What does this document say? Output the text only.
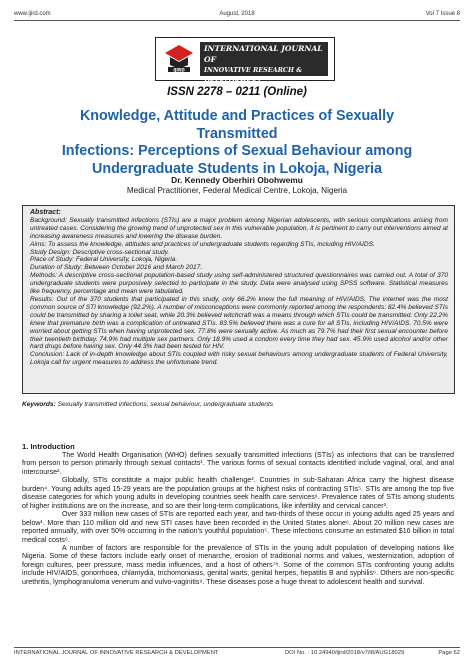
www.ijird.com	August, 2018	Vol 7 Issue 8
IJIRD
INTERNATIONAL JOURNAL OF
INNOVATIVE RESEARCH & DEVELOPMENT
ISSN 2278 – 0211 (Online)
Knowledge, Attitude and Practices of Sexually Transmitted
Infections: Perceptions of Sexual Behaviour among
Undergraduate Students in Lokoja, Nigeria
Dr. Kennedy Oberhiri Obohwemu
Medical Practitioner, Federal Medical Centre, Lokoja, Nigeria

Abstract:

Background: Sexually transmitted infections (STIs) are a major problem among Nigerian adolescents, with serious complications arising from untreated cases. Considering the growing trend of unprotected sex in this vulnerable population, it is pertinent to carry out interventions aimed at increasing awareness measures and lowering the disease burden.

Aims: To assess the knowledge, attitudes and practices of undergraduate students regarding STIs, including HIV/AIDS.

Study Design: Descriptive cross-sectional study.

Place of Study: Federal University, Lokoja, Nigeria.

Duration of Study: Between October 2016 and March 2017.

Methods: A descriptive cross-sectional population-based study using self-administered structured questionnaires was carried out. A total of 370 undergraduate students were purposively selected to participate in the study. Data were analysed using SPSS software. Statistical measures like frequency, percentage and mean were tabulated.

Results: Out of the 370 students that participated in this study, only 66.2% knew the full meaning of HIV/AIDS. The internet was the most common source of STI knowledge (92.2%). A number of misconceptions were commonly reported among the respondents: 82.4% believed STIs could be transmitted by sharing a toilet seat, while 20.3% believed witchcraft was a means through which STIs could be transmitted. Only 22.2% knew that premature birth was a complication of untreated STIs. 83.5% believed there was a cure for all STIs, including HIV/AIDS. 70.5% were worried about getting STIs when having unprotected sex. 77.8% were sexually active. As much as 79.7% had their first sexual encounter before their twentieth birthday. 74.9% had multiple sex partners. Only 18.9% used a condom every time they had sex. 45.9% used alcohol and/or other hard drugs before having sex. Only 44.3% had been tested for HIV.

Conclusion: Lack of in-depth knowledge about STIs coupled with risky sexual behaviours among undergraduate students of Federal University, Lokoja call for urgent measures to address the unfortunate trend.

Keywords: Sexually transmitted infections, sexual behaviour, undergraduate students
1. Introduction

The World Health Organisation (WHO) defines sexually transmitted infections (STIs) as infections that can be transferred from person to person primarily through sexual contacts¹. The various forms of sexual contacts identified include vaginal, oral, and anal intercourse².

Globally, STIs constitute a major public health challenge³. Countries in sub-Saharan Africa carry the highest disease burden⁴. Young adults aged 15-29 years are the population groups at the highest risks of contracting STIs⁵. STIs are among the top five disease categories for which young adults in developing countries seek health care services⁶. Prevalence rates of STIs among students of higher institutions are on the increase, and so are their long-term complications, like infertility and cervical cancer³.

Over 333 million new cases of STIs are reported each year, and two-thirds of these occur in young adults aged 25 years and below¹. More than 110 million old and new STI cases have been recorded in the United States alone⁶. About 20 million new cases are reported annually, with over 50% occurring in the nation's youthful population⁵. These infections consume an estimated $16 billion in total medical costs⁶.

A number of factors are responsible for the prevalence of STIs in the young adult population of developing nations like Nigeria. Some of these factors include early onset of menarche, erosion of traditional norms and values, westernization, adoption of foreign cultures, peer pressure, mass media influences, and a host of others⁷⁸. Some of the common STIs confronting young adults include HIV/AIDS, gonorrhoea, chlamydia, trichomoniasis, genital warts, genital herpes, hepatitis B and syphilis⁶. Others are non-specific urethritis, lymphogranuloma venerum and vulvo-vaginitis⁹. These diseases pose a huge threat to adolescent health and survival.

INTERNATIONAL JOURNAL OF INNOVATIVE RESEARCH & DEVELOPMENT	DOI No. : 10.24940/ijird/2018/v7/i8/AUG18029	Page 62
